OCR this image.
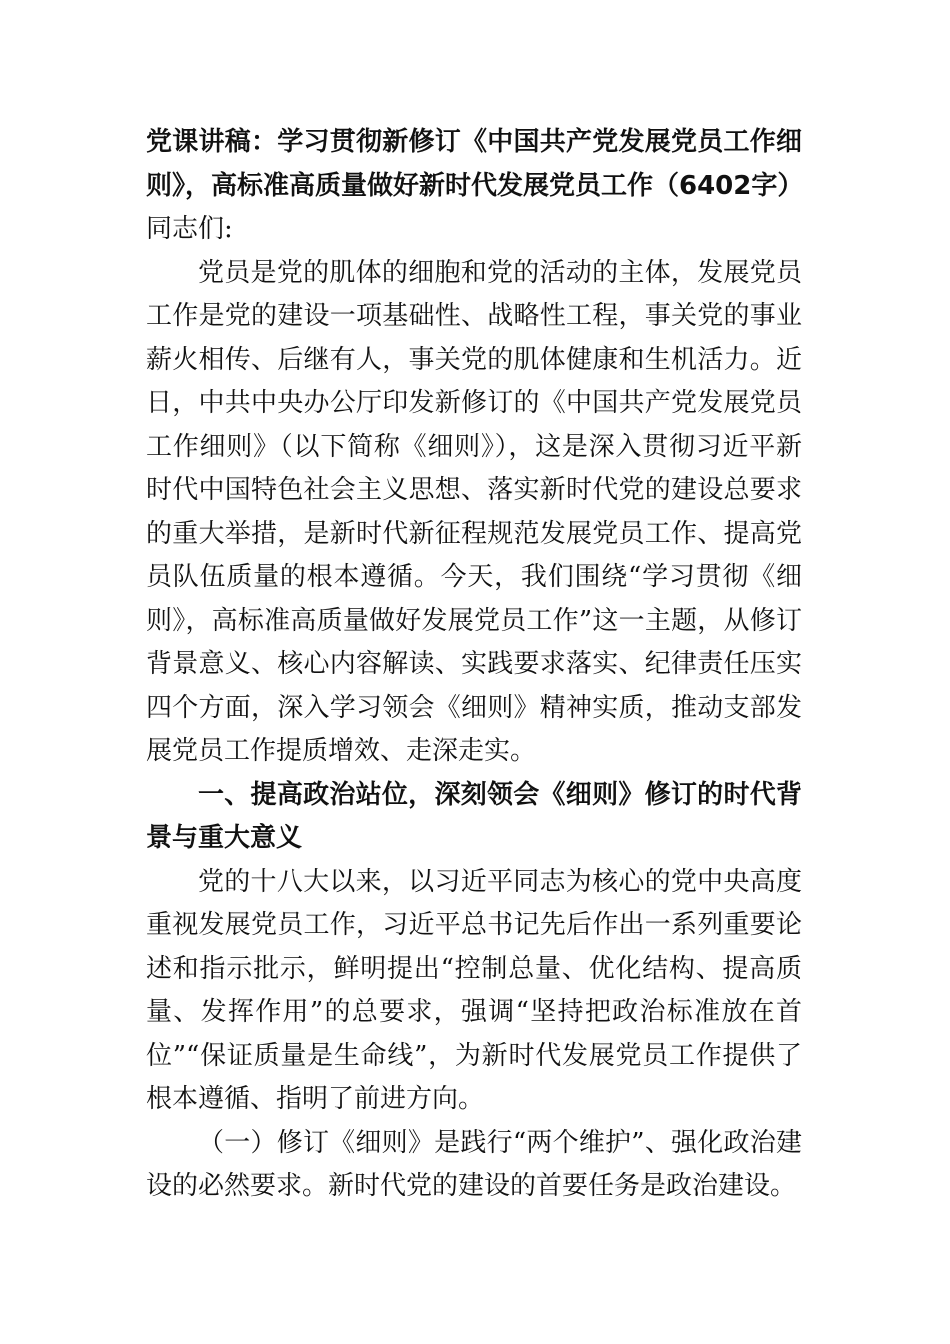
党课讲稿：学习贯彻新修订《中国共产党发展党员工作细则》，高标准高质量做好新时代发展党员工作（6402字）

同志们:

党员是党的肌体的细胞和党的活动的主体，发展党员工作是党的建设一项基础性、战略性工程，事关党的事业薪火相传、后继有人，事关党的肌体健康和生机活力。近日，中共中央办公厅印发新修订的《中国共产党发展党员工作细则》（以下简称《细则》），这是深入贯彻习近平新时代中国特色社会主义思想、落实新时代党的建设总要求的重大举措，是新时代新征程规范发展党员工作、提高党员队伍质量的根本遵循。今天，我们围绕“学习贯彻《细则》，高标准高质量做好发展党员工作”这一主题，从修订背景意义、核心内容解读、实践要求落实、纪律责任压实四个方面，深入学习领会《细则》精神实质，推动支部发展党员工作提质增效、走深走实。

一、提高政治站位，深刻领会《细则》修订的时代背景与重大意义

党的十八大以来，以习近平同志为核心的党中央高度重视发展党员工作，习近平总书记先后作出一系列重要论述和指示批示，鲜明提出“控制总量、优化结构、提高质量、发挥作用”的总要求，强调“坚持把政治标准放在首位”“保证质量是生命线”，为新时代发展党员工作提供了根本遵循、指明了前进方向。

（一）修订《细则》是践行“两个维护”、强化政治建设的必然要求。新时代党的建设的首要任务是政治建设。
